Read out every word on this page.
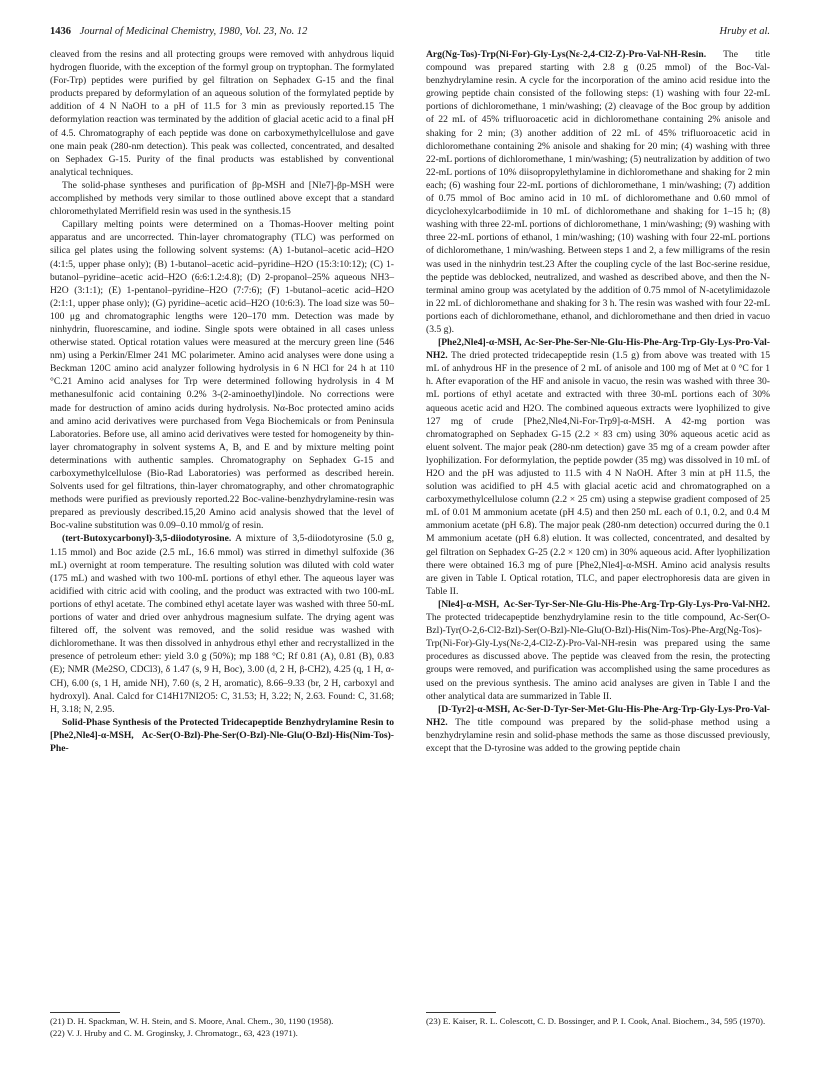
1436 Journal of Medicinal Chemistry, 1980, Vol. 23, No. 12	Hruby et al.

cleaved from the resins and all protecting groups were removed with anhydrous liquid hydrogen fluoride, with the exception of the formyl group on tryptophan. The formylated (For-Trp) peptides were purified by gel filtration on Sephadex G-15 and the final products prepared by deformylation of an aqueous solution of the formylated peptide by addition of 4 N NaOH to a pH of 11.5 for 3 min as previously reported.15 The deformylation reaction was terminated by the addition of glacial acetic acid to a final pH of 4.5. Chromatography of each peptide was done on carboxymethylcellulose and gave one main peak (280-nm detection). This peak was collected, concentrated, and desalted on Sephadex G-15. Purity of the final products was established by conventional analytical techniques.

The solid-phase syntheses and purification of βp-MSH and [Nle7]-βp-MSH were accomplished by methods very similar to those outlined above except that a standard chloromethylated Merrifield resin was used in the synthesis.15

Capillary melting points were determined on a Thomas-Hoover melting point apparatus and are uncorrected. Thin-layer chromatography (TLC) was performed on silica gel plates using the following solvent systems: (A) 1-butanol–acetic acid–H2O (4:1:5, upper phase only); (B) 1-butanol–acetic acid–pyridine–H2O (15:3:10:12); (C) 1-butanol–pyridine–acetic acid–H2O (6:6:1.2:4.8); (D) 2-propanol–25% aqueous NH3–H2O (3:1:1); (E) 1-pentanol–pyridine–H2O (7:7:6); (F) 1-butanol–acetic acid–H2O (2:1:1, upper phase only); (G) pyridine–acetic acid–H2O (10:6:3). The load size was 50–100 μg and chromatographic lengths were 120–170 mm. Detection was made by ninhydrin, fluorescamine, and iodine. Single spots were obtained in all cases unless otherwise stated. Optical rotation values were measured at the mercury green line (546 nm) using a Perkin/Elmer 241 MC polarimeter. Amino acid analyses were done using a Beckman 120C amino acid analyzer following hydrolysis in 6 N HCl for 24 h at 110 °C.21 Amino acid analyses for Trp were determined following hydrolysis in 4 M methanesulfonic acid containing 0.2% 3-(2-aminoethyl)indole. No corrections were made for destruction of amino acids during hydrolysis. Nα-Boc protected amino acids and amino acid derivatives were purchased from Vega Biochemicals or from Peninsula Laboratories. Before use, all amino acid derivatives were tested for homogeneity by thin-layer chromatography in solvent systems A, B, and E and by mixture melting point determinations with authentic samples. Chromatography on Sephadex G-15 and carboxymethylcellulose (Bio-Rad Laboratories) was performed as described herein. Solvents used for gel filtrations, thin-layer chromatography, and other chromatographic methods were purified as previously reported.22 Boc-valine-benzhydrylamine-resin was prepared as previously described.15,20 Amino acid analysis showed that the level of Boc-valine substitution was 0.09–0.10 mmol/g of resin.

(tert-Butoxycarbonyl)-3,5-diiodotyrosine. A mixture of 3,5-diiodotyrosine (5.0 g, 1.15 mmol) and Boc azide (2.5 mL, 16.6 mmol) was stirred in dimethyl sulfoxide (36 mL) overnight at room temperature. The resulting solution was diluted with cold water (175 mL) and washed with two 100-mL portions of ethyl ether. The aqueous layer was acidified with citric acid with cooling, and the product was extracted with two 100-mL portions of ethyl acetate. The combined ethyl acetate layer was washed with three 50-mL portions of water and dried over anhydrous magnesium sulfate. The drying agent was filtered off, the solvent was removed, and the solid residue was washed with dichloromethane. It was then dissolved in anhydrous ethyl ether and recrystallized in the presence of petroleum ether: yield 3.0 g (50%); mp 188 °C; Rf 0.81 (A), 0.81 (B), 0.83 (E); NMR (Me2SO, CDCl3), δ 1.47 (s, 9 H, Boc), 3.00 (d, 2 H, β-CH2), 4.25 (q, 1 H, α-CH), 6.00 (s, 1 H, amide NH), 7.60 (s, 2 H, aromatic), 8.66–9.33 (br, 2 H, carboxyl and hydroxyl). Anal. Calcd for C14H17NI2O5: C, 31.53; H, 3.22; N, 2.63. Found: C, 31.68; H, 3.18; N, 2.95.

Solid-Phase Synthesis of the Protected Tridecapeptide Benzhydrylamine Resin to [Phe2,Nle4]-α-MSH, Ac-Ser(O-Bzl)-Phe-Ser(O-Bzl)-Nle-Glu(O-Bzl)-His(Nim-Tos)-Phe-

Arg(Ng-Tos)-Trp(Ni-For)-Gly-Lys(Nε-2,4-Cl2-Z)-Pro-Val-NH-Resin. The title compound was prepared starting with 2.8 g (0.25 mmol) of the Boc-Val-benzhydrylamine resin. A cycle for the incorporation of the amino acid residue into the growing peptide chain consisted of the following steps: (1) washing with four 22-mL portions of dichloromethane, 1 min/washing; (2) cleavage of the Boc group by addition of 22 mL of 45% trifluoroacetic acid in dichloromethane containing 2% anisole and shaking for 2 min; (3) another addition of 22 mL of 45% trifluoroacetic acid in dichloromethane containing 2% anisole and shaking for 20 min; (4) washing with three 22-mL portions of dichloromethane, 1 min/washing; (5) neutralization by addition of two 22-mL portions of 10% diisopropylethylamine in dichloromethane and shaking for 2 min each; (6) washing four 22-mL portions of dichloromethane, 1 min/washing; (7) addition of 0.75 mmol of Boc amino acid in 10 mL of dichloromethane and 0.60 mmol of dicyclohexylcarbodiimide in 10 mL of dichloromethane and shaking for 1–15 h; (8) washing with three 22-mL portions of dichloromethane, 1 min/washing; (9) washing with three 22-mL portions of ethanol, 1 min/washing; (10) washing with four 22-mL portions of dichloromethane, 1 min/washing. Between steps 1 and 2, a few milligrams of the resin was used in the ninhydrin test.23 After the coupling cycle of the last Boc-serine residue, the peptide was deblocked, neutralized, and washed as described above, and then the N-terminal amino group was acetylated by the addition of 0.75 mmol of N-acetylimidazole in 22 mL of dichloromethane and shaking for 3 h. The resin was washed with four 22-mL portions each of dichloromethane, ethanol, and dichloromethane and then dried in vacuo (3.5 g).

[Phe2,Nle4]-α-MSH, Ac-Ser-Phe-Ser-Nle-Glu-His-Phe-Arg-Trp-Gly-Lys-Pro-Val-NH2. The dried protected tridecapeptide resin (1.5 g) from above was treated with 15 mL of anhydrous HF in the presence of 2 mL of anisole and 100 mg of Met at 0 °C for 1 h. After evaporation of the HF and anisole in vacuo, the resin was washed with three 30-mL portions of ethyl acetate and extracted with three 30-mL portions each of 30% aqueous acetic acid and H2O. The combined aqueous extracts were lyophilized to give 127 mg of crude [Phe2,Nle4,Ni-For-Trp9]-α-MSH. A 42-mg portion was chromatographed on Sephadex G-15 (2.2 × 83 cm) using 30% aqueous acetic acid as eluent solvent. The major peak (280-nm detection) gave 35 mg of a cream powder after lyophilization. For deformylation, the peptide powder (35 mg) was dissolved in 10 mL of H2O and the pH was adjusted to 11.5 with 4 N NaOH. After 3 min at pH 11.5, the solution was acidified to pH 4.5 with glacial acetic acid and chromatographed on a carboxymethylcellulose column (2.2 × 25 cm) using a stepwise gradient composed of 25 mL of 0.01 M ammonium acetate (pH 4.5) and then 250 mL each of 0.1, 0.2, and 0.4 M ammonium acetate (pH 6.8). The major peak (280-nm detection) occurred during the 0.1 M ammonium acetate (pH 6.8) elution. It was collected, concentrated, and desalted by gel filtration on Sephadex G-25 (2.2 × 120 cm) in 30% aqueous acid. After lyophilization there were obtained 16.3 mg of pure [Phe2,Nle4]-α-MSH. Amino acid analysis results are given in Table I. Optical rotation, TLC, and paper electrophoresis data are given in Table II.

[Nle4]-α-MSH, Ac-Ser-Tyr-Ser-Nle-Glu-His-Phe-Arg-Trp-Gly-Lys-Pro-Val-NH2. The protected tridecapeptide benzhydrylamine resin to the title compound, Ac-Ser(O-Bzl)-Tyr(O-2,6-Cl2-Bzl)-Ser(O-Bzl)-Nle-Glu(O-Bzl)-His(Nim-Tos)-Phe-Arg(Ng-Tos)-Trp(Ni-For)-Gly-Lys(Nε-2,4-Cl2-Z)-Pro-Val-NH-resin was prepared using the same procedures as discussed above. The peptide was cleaved from the resin, the protecting groups were removed, and purification was accomplished using the same procedures as used on the previous synthesis. The amino acid analyses are given in Table I and the other analytical data are summarized in Table II.

[D-Tyr2]-α-MSH, Ac-Ser-D-Tyr-Ser-Met-Glu-His-Phe-Arg-Trp-Gly-Lys-Pro-Val-NH2. The title compound was prepared by the solid-phase method using a benzhydrylamine resin and solid-phase methods the same as those discussed previously, except that the D-tyrosine was added to the growing peptide chain

(21) D. H. Spackman, W. H. Stein, and S. Moore, Anal. Chem., 30, 1190 (1958).
(22) V. J. Hruby and C. M. Groginsky, J. Chromatogr., 63, 423 (1971).
(23) E. Kaiser, R. L. Colescott, C. D. Bossinger, and P. I. Cook, Anal. Biochem., 34, 595 (1970).
